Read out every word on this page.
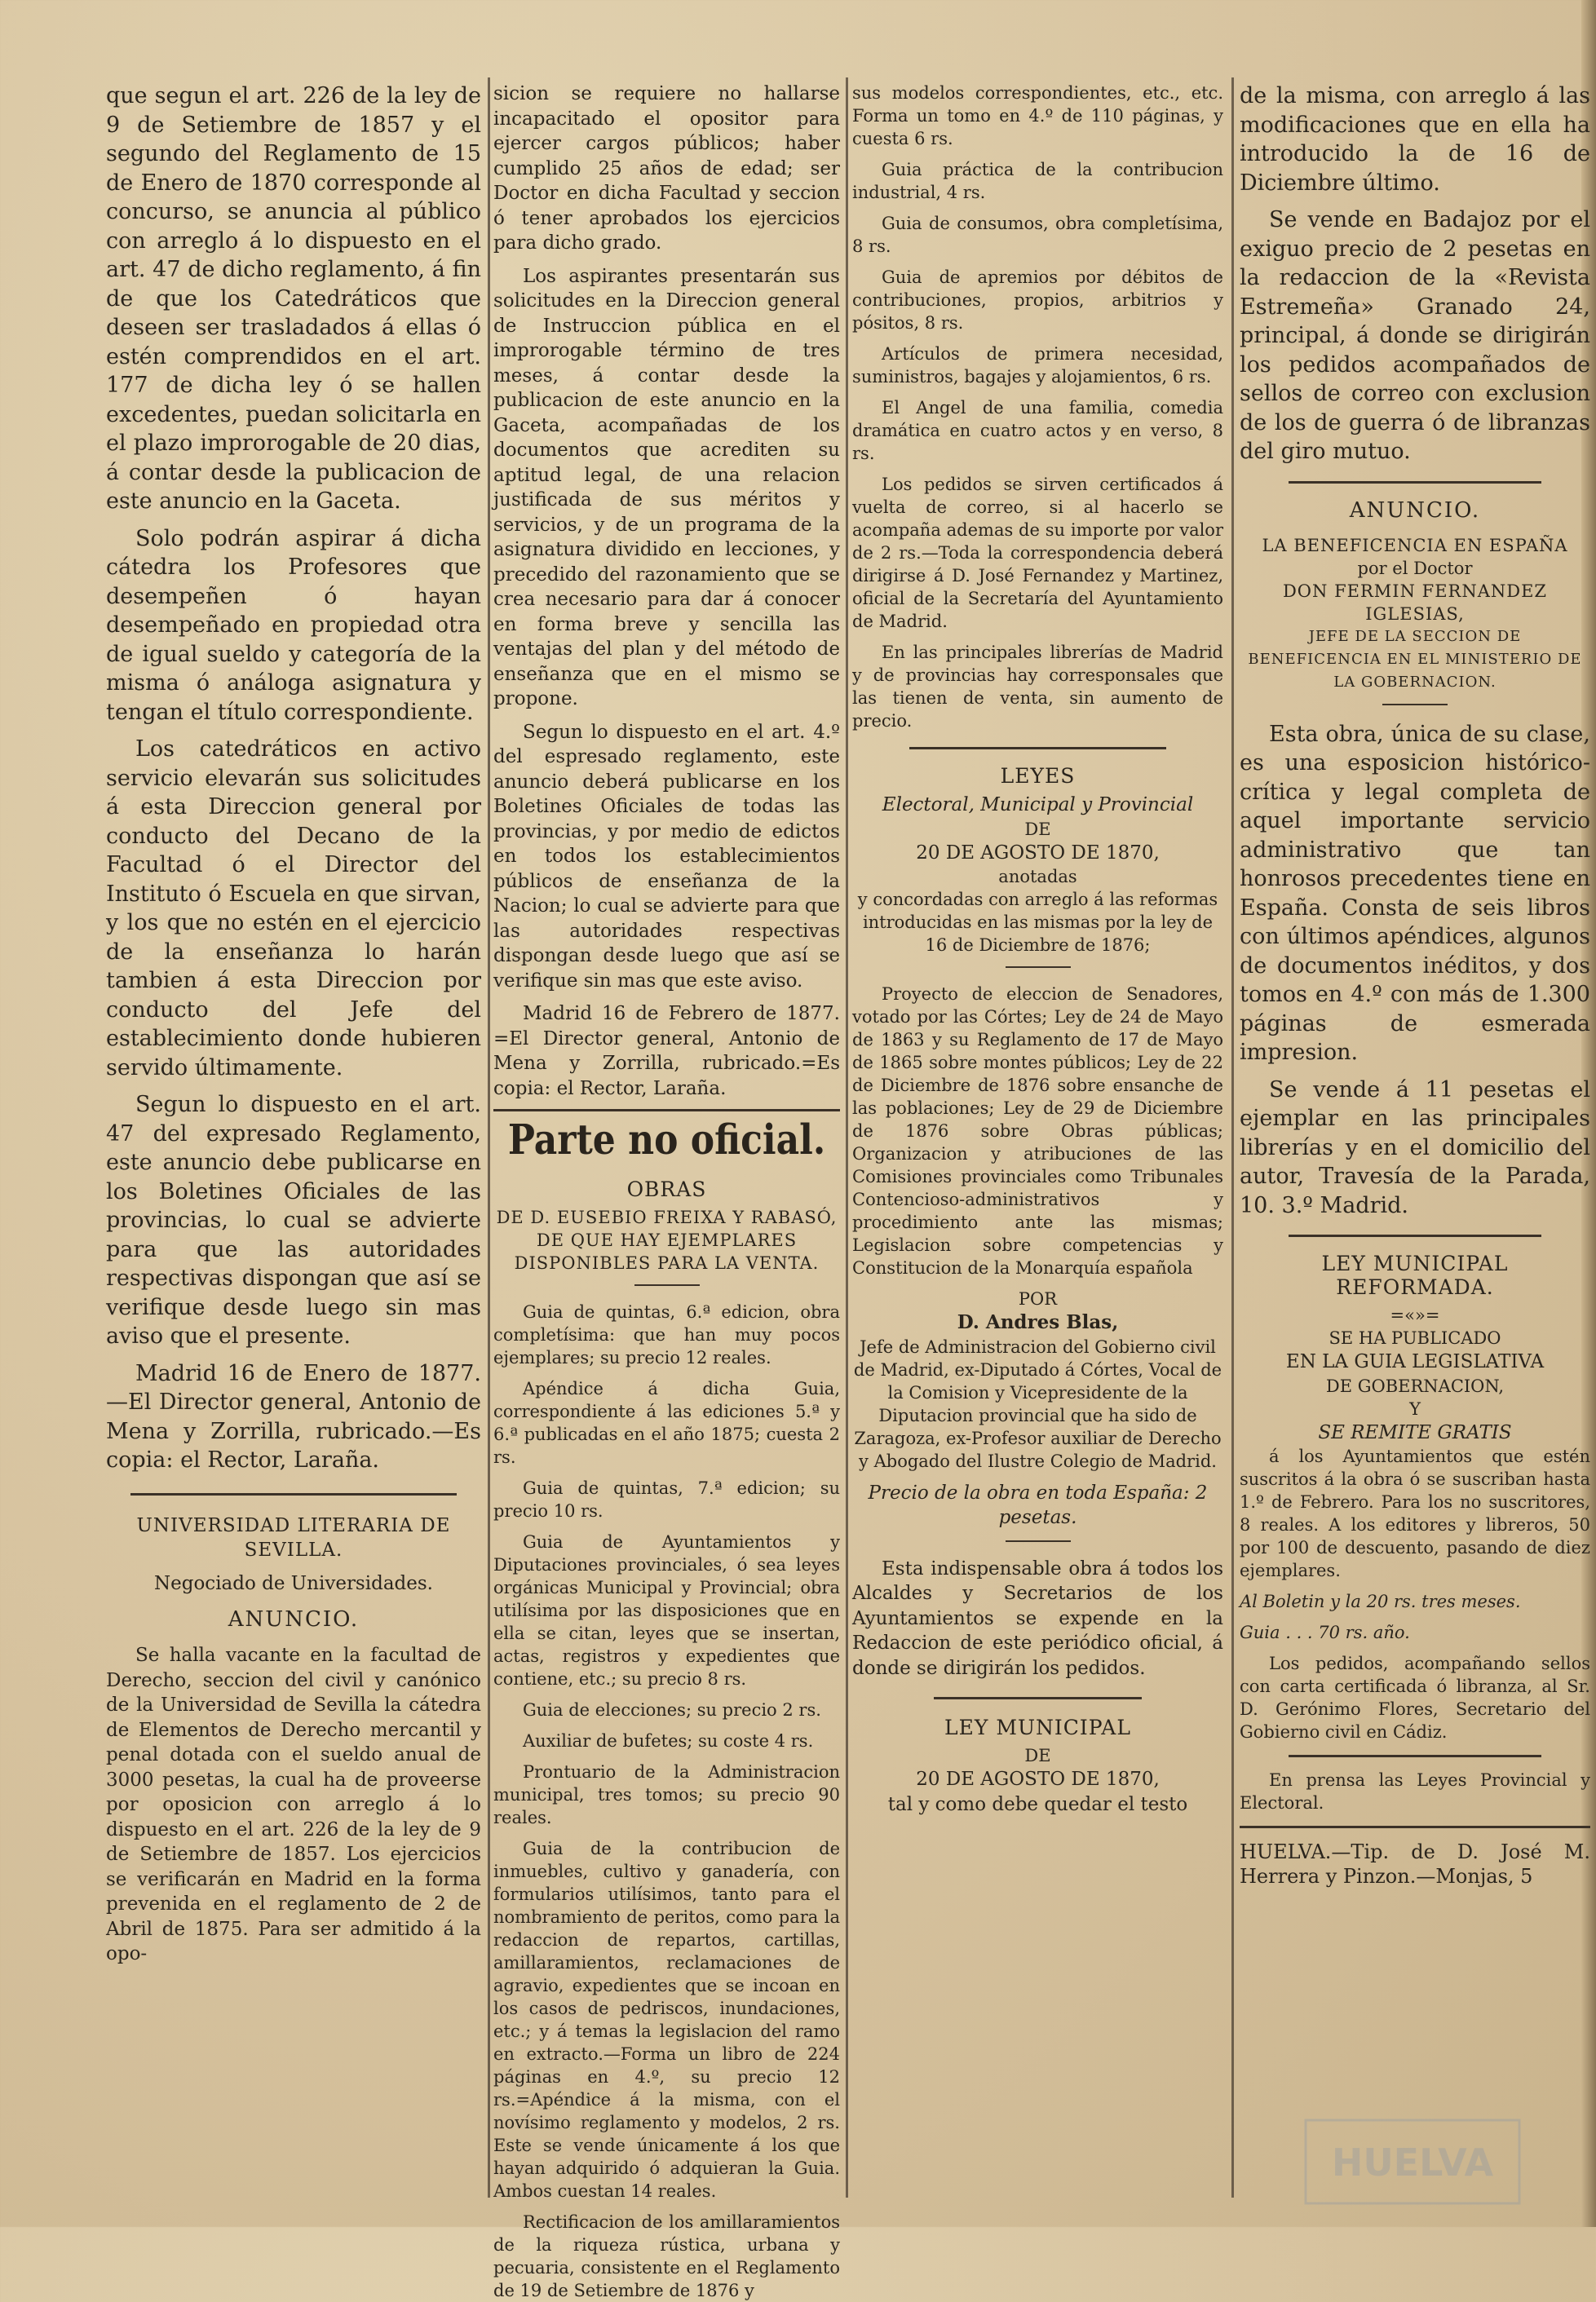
que segun el art. 226 de la ley de 9 de Setiembre de 1857 y el segundo del Reglamento de 15 de Enero de 1870 corresponde al concurso, se anuncia al público con arreglo á lo dispuesto en el art. 47 de dicho reglamento, á fin de que los Catedráticos que deseen ser trasladados á ellas ó estén comprendidos en el art. 177 de dicha ley ó se hallen excedentes, puedan solicitarla en el plazo improrogable de 20 dias, á contar desde la publicacion de este anuncio en la Gaceta.

Solo podrán aspirar á dicha cátedra los Profesores que desempeñen ó hayan desempeñado en propiedad otra de igual sueldo y categoría de la misma ó análoga asignatura y tengan el título correspondiente.

Los catedráticos en activo servicio elevarán sus solicitudes á esta Direccion general por conducto del Decano de la Facultad ó el Director del Instituto ó Escuela en que sirvan, y los que no estén en el ejercicio de la enseñanza lo harán tambien á esta Direccion por conducto del Jefe del establecimiento donde hubieren servido últimamente.

Segun lo dispuesto en el art. 47 del expresado Reglamento, este anuncio debe publicarse en los Boletines Oficiales de las provincias, lo cual se advierte para que las autoridades respectivas dispongan que así se verifique desde luego sin mas aviso que el presente.

Madrid 16 de Enero de 1877.—El Director general, Antonio de Mena y Zorrilla, rubricado.—Es copia: el Rector, Laraña.

UNIVERSIDAD LITERARIA DE SEVILLA.

Negociado de Universidades.

ANUNCIO.

Se halla vacante en la facultad de Derecho, seccion del civil y canónico de la Universidad de Sevilla la cátedra de Elementos de Derecho mercantil y penal dotada con el sueldo anual de 3000 pesetas, la cual ha de proveerse por oposicion con arreglo á lo dispuesto en el art. 226 de la ley de 9 de Setiembre de 1857. Los ejercicios se verificarán en Madrid en la forma prevenida en el reglamento de 2 de Abril de 1875. Para ser admitido á la opo-

sicion se requiere no hallarse incapacitado el opositor para ejercer cargos públicos; haber cumplido 25 años de edad; ser Doctor en dicha Facultad y seccion ó tener aprobados los ejercicios para dicho grado.

Los aspirantes presentarán sus solicitudes en la Direccion general de Instruccion pública en el improrogable término de tres meses, á contar desde la publicacion de este anuncio en la Gaceta, acompañadas de los documentos que acrediten su aptitud legal, de una relacion justificada de sus méritos y servicios, y de un programa de la asignatura dividido en lecciones, y precedido del razonamiento que se crea necesario para dar á conocer en forma breve y sencilla las ventajas del plan y del método de enseñanza que en el mismo se propone.

Segun lo dispuesto en el art. 4.º del espresado reglamento, este anuncio deberá publicarse en los Boletines Oficiales de todas las provincias, y por medio de edictos en todos los establecimientos públicos de enseñanza de la Nacion; lo cual se advierte para que las autoridades respectivas dispongan desde luego que así se verifique sin mas que este aviso.

Madrid 16 de Febrero de 1877. =El Director general, Antonio de Mena y Zorrilla, rubricado.=Es copia: el Rector, Laraña.

Parte no oficial.
OBRAS
DE D. EUSEBIO FREIXA Y RABASÓ,
DE QUE HAY EJEMPLARES DISPONIBLES PARA LA VENTA.

Guia de quintas, 6.ª edicion, obra completísima: que han muy pocos ejemplares; su precio 12 reales.

Apéndice á dicha Guia, correspondiente á las ediciones 5.ª y 6.ª publicadas en el año 1875; cuesta 2 rs.

Guia de quintas, 7.ª edicion; su precio 10 rs.

Guia de Ayuntamientos y Diputaciones provinciales, ó sea leyes orgánicas Municipal y Provincial; obra utilísima por las disposiciones que en ella se citan, leyes que se insertan, actas, registros y expedientes que contiene, etc.; su precio 8 rs.

Guia de elecciones; su precio 2 rs.

Auxiliar de bufetes; su coste 4 rs.

Prontuario de la Administracion municipal, tres tomos; su precio 90 reales.

Guia de la contribucion de inmuebles, cultivo y ganadería, con formularios utilísimos, tanto para el nombramiento de peritos, como para la redaccion de repartos, cartillas, amillaramientos, reclamaciones de agravio, expedientes que se incoan en los casos de pedriscos, inundaciones, etc.; y á temas la legislacion del ramo en extracto.—Forma un libro de 224 páginas en 4.º, su precio 12 rs.=Apéndice á la misma, con el novísimo reglamento y modelos, 2 rs. Este se vende únicamente á los que hayan adquirido ó adquieran la Guia. Ambos cuestan 14 reales.

Rectificacion de los amillaramientos de la riqueza rústica, urbana y pecuaria, consistente en el Reglamento de 19 de Setiembre de 1876 y

sus modelos correspondientes, etc., etc. Forma un tomo en 4.º de 110 páginas, y cuesta 6 rs.

Guia práctica de la contribucion industrial, 4 rs.

Guia de consumos, obra completísima, 8 rs.

Guia de apremios por débitos de contribuciones, propios, arbitrios y pósitos, 8 rs.

Artículos de primera necesidad, suministros, bagajes y alojamientos, 6 rs.

El Angel de una familia, comedia dramática en cuatro actos y en verso, 8 rs.

Los pedidos se sirven certificados á vuelta de correo, si al hacerlo se acompaña ademas de su importe por valor de 2 rs.—Toda la correspondencia deberá dirigirse á D. José Fernandez y Martinez, oficial de la Secretaría del Ayuntamiento de Madrid.

En las principales librerías de Madrid y de provincias hay corresponsales que las tienen de venta, sin aumento de precio.

LEYES
Electoral, Municipal y Provincial
DE
20 DE AGOSTO DE 1870,
anotadas

y concordadas con arreglo á las reformas introducidas en las mismas por la ley de 16 de Diciembre de 1876;

Proyecto de eleccion de Senadores, votado por las Córtes; Ley de 24 de Mayo de 1863 y su Reglamento de 17 de Mayo de 1865 sobre montes públicos; Ley de 22 de Diciembre de 1876 sobre ensanche de las poblaciones; Ley de 29 de Diciembre de 1876 sobre Obras públicas; Organizacion y atribuciones de las Comisiones provinciales como Tribunales Contencioso-administrativos y procedimiento ante las mismas; Legislacion sobre competencias y Constitucion de la Monarquía española

POR
D. Andres Blas,

Jefe de Administracion del Gobierno civil de Madrid, ex-Diputado á Córtes, Vocal de la Comision y Vicepresidente de la Diputacion provincial que ha sido de Zaragoza, ex-Profesor auxiliar de Derecho y Abogado del Ilustre Colegio de Madrid.

Precio de la obra en toda España: 2 pesetas.

Esta indispensable obra á todos los Alcaldes y Secretarios de los Ayuntamientos se expende en la Redaccion de este periódico oficial, á donde se dirigirán los pedidos.

LEY MUNICIPAL
DE
20 DE AGOSTO DE 1870,
tal y como debe quedar el testo

de la misma, con arreglo á las modificaciones que en ella ha introducido la de 16 de Diciembre último.

Se vende en Badajoz por el exiguo precio de 2 pesetas en la redaccion de la «Revista Estremeña» Granado 24, principal, á donde se dirigirán los pedidos acompañados de sellos de correo con exclusion de los de guerra ó de libranzas del giro mutuo.

ANUNCIO.
LA BENEFICENCIA EN ESPAÑA
por el Doctor
DON FERMIN FERNANDEZ IGLESIAS,

JEFE DE LA SECCION DE BENEFICENCIA EN EL MINISTERIO DE LA GOBERNACION.

Esta obra, única de su clase, es una esposicion histórico-crítica y legal completa de aquel importante servicio administrativo que tan honrosos precedentes tiene en España. Consta de seis libros con últimos apéndices, algunos de documentos inéditos, y dos tomos en 4.º con más de 1.300 páginas de esmerada impresion.

Se vende á 11 pesetas el ejemplar en las principales librerías y en el domicilio del autor, Travesía de la Parada, 10. 3.º Madrid.

LEY MUNICIPAL REFORMADA.
=«»=
SE HA PUBLICADO
EN LA GUIA LEGISLATIVA
DE GOBERNACION,
Y
SE REMITE GRATIS

á los Ayuntamientos que estén suscritos á la obra ó se suscriban hasta 1.º de Febrero. Para los no suscritores, 8 reales. A los editores y libreros, 50 por 100 de descuento, pasando de diez ejemplares.

Al Boletin y la 20 rs. tres meses.

Guia . . . 70 rs. año.

Los pedidos, acompañando sellos con carta certificada ó libranza, al Sr. D. Gerónimo Flores, Secretario del Gobierno civil en Cádiz.

En prensa las Leyes Provincial y Electoral.

HUELVA.—Tip. de D. José M. Herrera y Pinzon.—Monjas, 5

HUELVA
